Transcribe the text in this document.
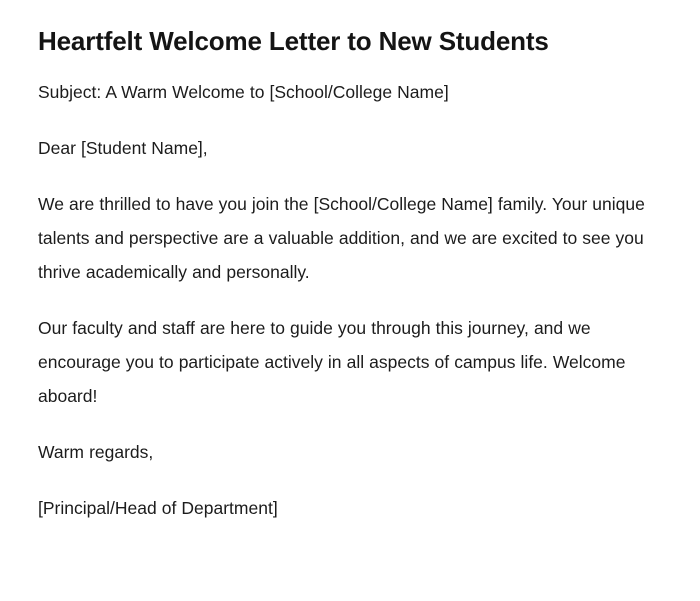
Heartfelt Welcome Letter to New Students

Subject: A Warm Welcome to [School/College Name]

Dear [Student Name],

We are thrilled to have you join the [School/College Name] family. Your unique talents and perspective are a valuable addition, and we are excited to see you thrive academically and personally.

Our faculty and staff are here to guide you through this journey, and we encourage you to participate actively in all aspects of campus life. Welcome aboard!

Warm regards,

[Principal/Head of Department]
